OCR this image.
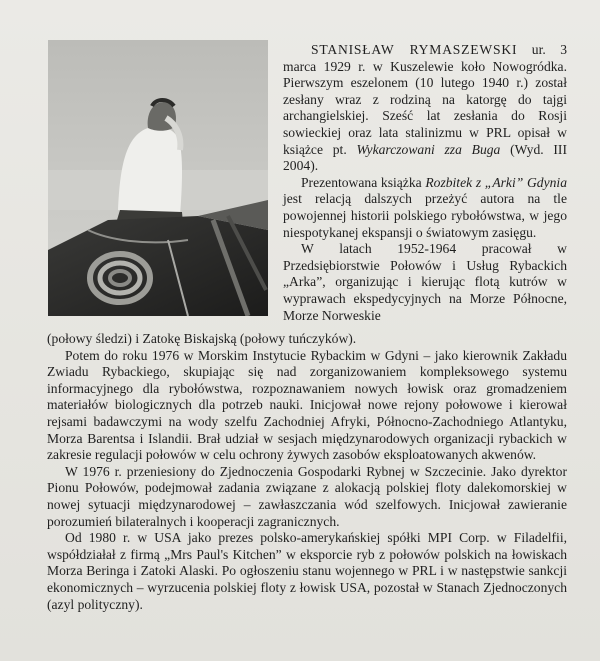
STANISŁAW RYMASZEWSKI ur. 3 marca 1929 r. w Kuszelewie koło Nowogródka. Pierwszym eszelonem (10 lutego 1940 r.) został zesłany wraz z rodziną na katorgę do tajgi archangielskiej. Sześć lat zesłania do Rosji sowieckiej oraz lata stalinizmu w PRL opisał w książce pt. Wykarczowani zza Buga (Wyd. III 2004).

Prezentowana książka Rozbitek z „Arki” Gdynia jest relacją dalszych przeżyć autora na tle powojennej historii polskiego rybołówstwa, w jego niespotykanej ekspansji o światowym zasięgu.

W latach 1952-1964 pracował w Przedsiębiorstwie Połowów i Usług Rybackich „Arka”, organizując i kierując flotą kutrów w wyprawach ekspedycyjnych na Morze Północne, Morze Norweskie

(połowy śledzi) i Zatokę Biskajską (połowy tuńczyków).

Potem do roku 1976 w Morskim Instytucie Rybackim w Gdyni – jako kierownik Zakładu Zwiadu Rybackiego, skupiając się nad zorganizowaniem kompleksowego systemu informacyjnego dla rybołówstwa, rozpoznawaniem nowych łowisk oraz gromadzeniem materiałów biologicznych dla potrzeb nauki. Inicjował nowe rejony połowowe i kierował rejsami badawczymi na wody szelfu Zachodniej Afryki, Północno-Zachodniego Atlantyku, Morza Barentsa i Islandii. Brał udział w sesjach międzynarodowych organizacji rybackich w zakresie regulacji połowów w celu ochrony żywych zasobów eksploatowanych akwenów.

W 1976 r. przeniesiony do Zjednoczenia Gospodarki Rybnej w Szczecinie. Jako dyrektor Pionu Połowów, podejmował zadania związane z alokacją polskiej floty dalekomorskiej w nowej sytuacji międzynarodowej – zawłaszczania wód szelfowych. Inicjował zawieranie porozumień bilateralnych i kooperacji zagranicznych.

Od 1980 r. w USA jako prezes polsko-amerykańskiej spółki MPI Corp. w Filadelfii, współdziałał z firmą „Mrs Paul's Kitchen” w eksporcie ryb z połowów polskich na łowiskach Morza Beringa i Zatoki Alaski. Po ogłoszeniu stanu wojennego w PRL i w następstwie sankcji ekonomicznych – wyrzucenia polskiej floty z łowisk USA, pozostał w Stanach Zjednoczonych (azyl polityczny).
